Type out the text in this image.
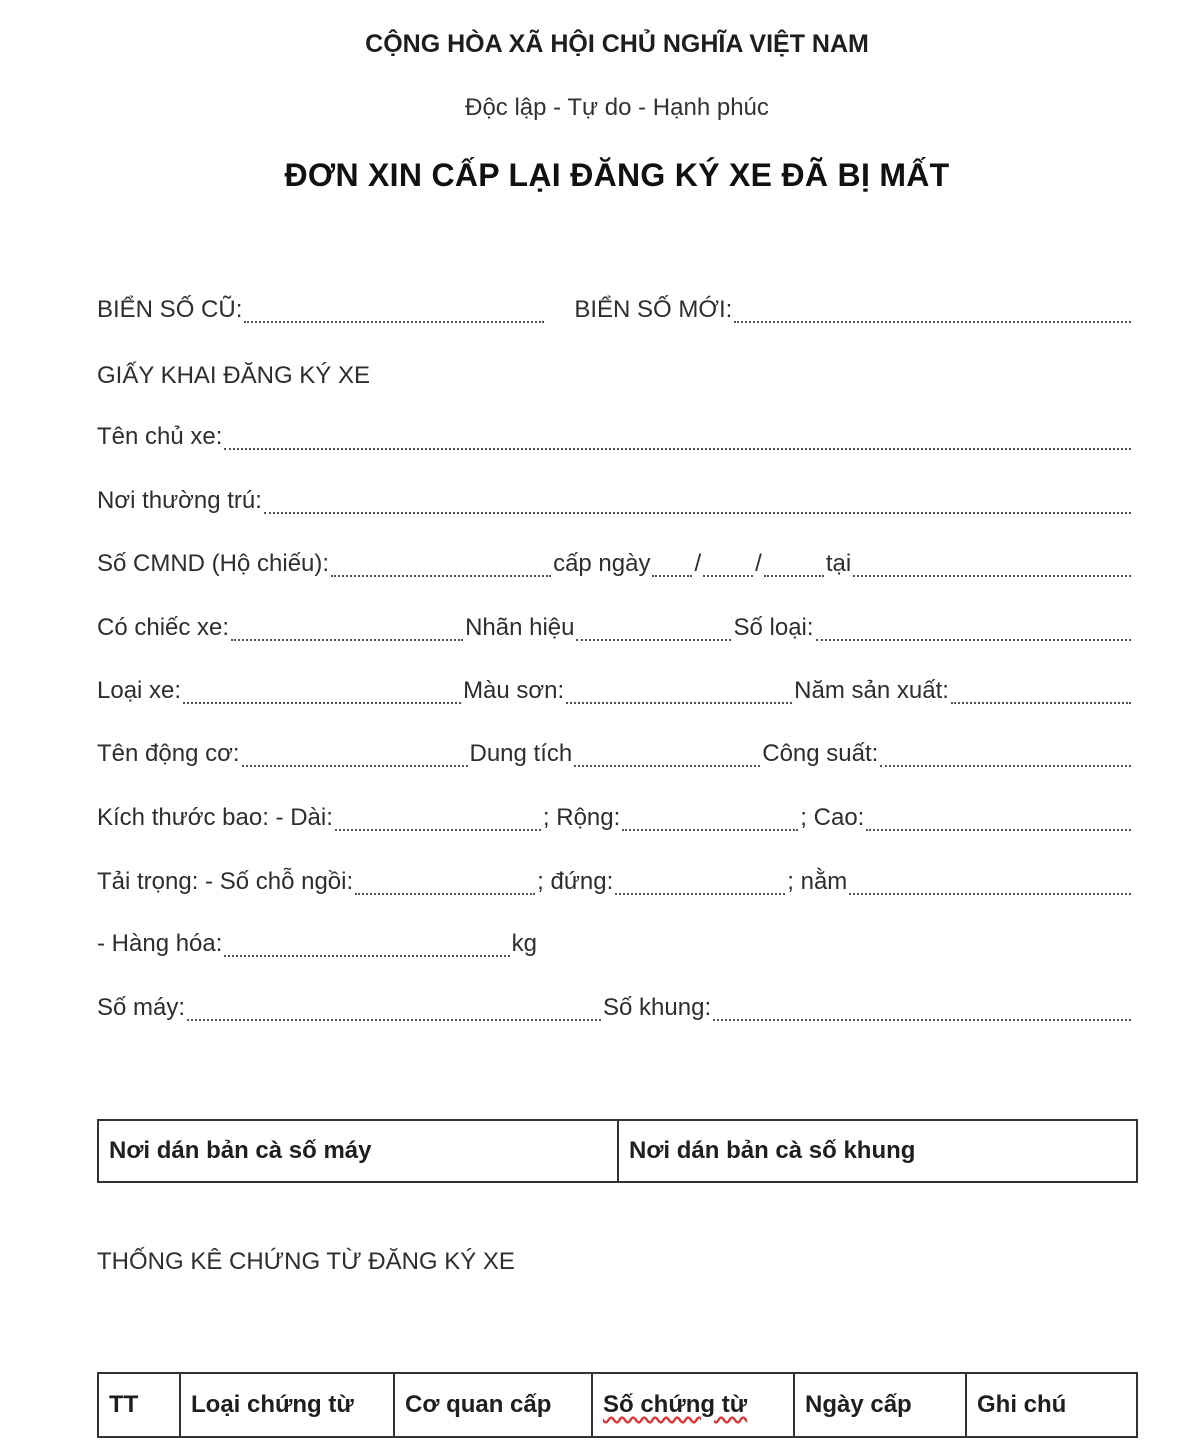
CỘNG HÒA XÃ HỘI CHỦ NGHĨA VIỆT NAM
Độc lập - Tự do - Hạnh phúc
ĐƠN XIN CẤP LẠI ĐĂNG KÝ XE ĐÃ BỊ MẤT
BIỂN SỐ CŨ:	BIỂN SỐ MỚI:
GIẤY KHAI ĐĂNG KÝ XE
Tên chủ xe:
Nơi thường trú:
Số CMND (Hộ chiếu):	cấp ngày / /	tại
Có chiếc xe:	Nhãn hiệu	Số loại:
Loại xe:	Màu sơn:	Năm sản xuất:
Tên động cơ:	Dung tích	Công suất:
Kích thước bao: - Dài:	; Rộng:	; Cao:
Tải trọng: - Số chỗ ngồi:	; đứng:	; nằm
- Hàng hóa:	kg
Số máy:	Số khung:
Nơi dán bản cà số máy	Nơi dán bản cà số khung
THỐNG KÊ CHỨNG TỪ ĐĂNG KÝ XE
TT	Loại chứng từ	Cơ quan cấp	Số chứng từ	Ngày cấp	Ghi chú
